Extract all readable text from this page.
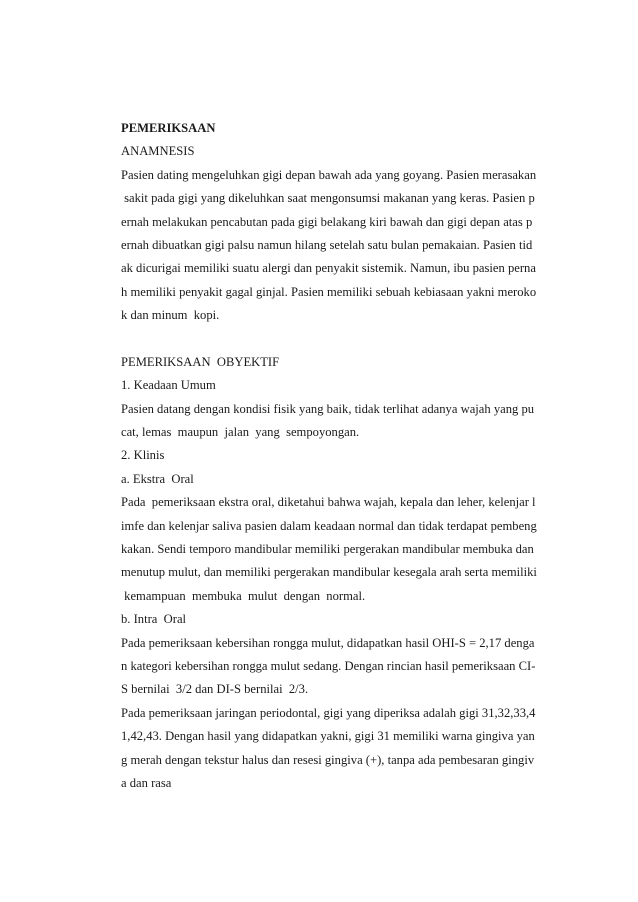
PEMERIKSAAN
ANAMNESIS
Pasien dating mengeluhkan gigi depan bawah ada yang goyang. Pasien merasakan
sakit pada gigi yang dikeluhkan saat mengonsumsi makanan yang keras. Pasien p
ernah melakukan pencabutan pada gigi belakang kiri bawah dan gigi depan atas p
ernah dibuatkan gigi palsu namun hilang setelah satu bulan pemakaian. Pasien tid
ak dicurigai memiliki suatu alergi dan penyakit sistemik. Namun, ibu pasien perna
h memiliki penyakit gagal ginjal. Pasien memiliki sebuah kebiasaan yakni meroko
k dan minum  kopi.
PEMERIKSAAN  OBYEKTIF
1. Keadaan Umum
Pasien datang dengan kondisi fisik yang baik, tidak terlihat adanya wajah yang pu
cat, lemas  maupun  jalan  yang  sempoyongan.
2. Klinis
a. Ekstra  Oral
Pada  pemeriksaan ekstra oral, diketahui bahwa wajah, kepala dan leher, kelenjar l
imfe dan kelenjar saliva pasien dalam keadaan normal dan tidak terdapat pembeng
kakan. Sendi temporo mandibular memiliki pergerakan mandibular membuka dan
menutup mulut, dan memiliki pergerakan mandibular kesegala arah serta memiliki
kemampuan  membuka  mulut  dengan  normal.
b. Intra  Oral
Pada pemeriksaan kebersihan rongga mulut, didapatkan hasil OHI-S = 2,17 denga
n kategori kebersihan rongga mulut sedang. Dengan rincian hasil pemeriksaan CI-
S bernilai  3/2 dan DI-S bernilai  2/3.
Pada pemeriksaan jaringan periodontal, gigi yang diperiksa adalah gigi 31,32,33,4
1,42,43. Dengan hasil yang didapatkan yakni, gigi 31 memiliki warna gingiva yan
g merah dengan tekstur halus dan resesi gingiva (+), tanpa ada pembesaran gingiv
a dan rasa
